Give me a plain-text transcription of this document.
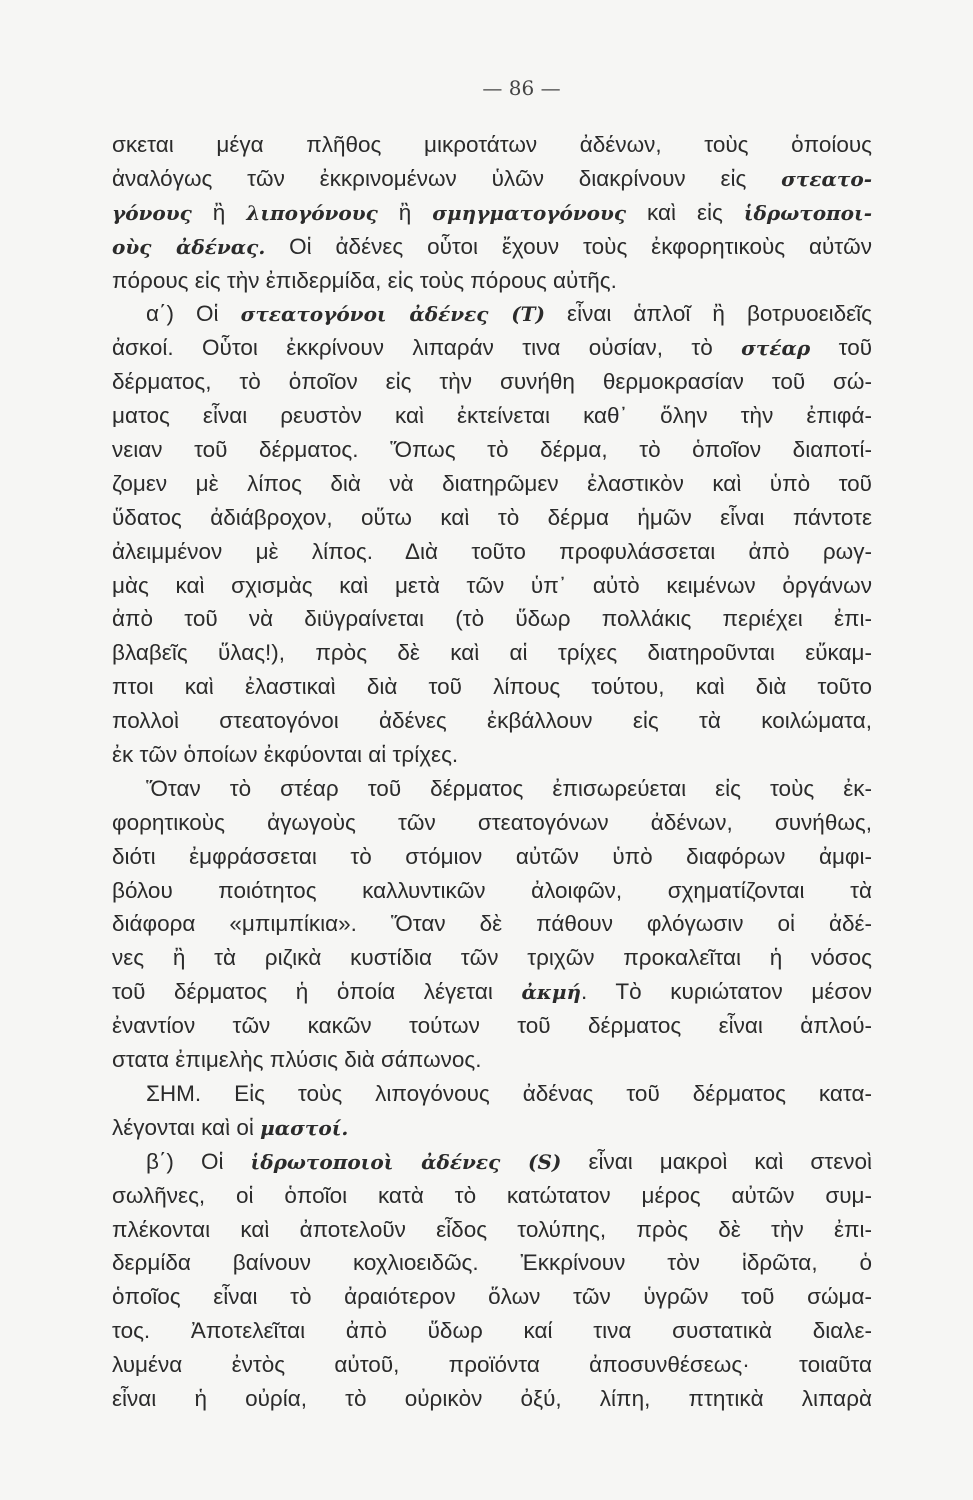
— 86 —
σκεται μέγα πλῆθος μικροτάτων ἀδένων, τοὺς ὁποίους
ἀναλόγως τῶν ἐκκρινομένων ὑλῶν διακρίνουν εἰς στεατο-
γόνους ἢ λιπογόνους ἢ σμηγματογόνους καὶ εἰς ἱδρωτοποι-
οὺς ἀδένας. Οἱ ἀδένες οὗτοι ἔχουν τοὺς ἐκφορητικοὺς αὐτῶν
πόρους εἰς τὴν ἐπιδερμίδα, εἰς τοὺς πόρους αὐτῆς.
α΄) Οἱ στεατογόνοι ἀδένες (Τ) εἶναι ἁπλοῖ ἢ βοτρυοειδεῖς
ἀσκοί. Οὗτοι ἐκκρίνουν λιπαράν τινα οὐσίαν, τὸ στέαρ τοῦ
δέρματος, τὸ ὁποῖον εἰς τὴν συνήθη θερμοκρασίαν τοῦ σώ-
ματος εἶναι ρευστὸν καὶ ἐκτείνεται καθ᾽ ὅλην τὴν ἐπιφά-
νειαν τοῦ δέρματος. Ὅπως τὸ δέρμα, τὸ ὁποῖον διαποτί-
ζομεν μὲ λίπος διὰ νὰ διατηρῶμεν ἐλαστικὸν καὶ ὑπὸ τοῦ
ὕδατος ἀδιάβροχον, οὕτω καὶ τὸ δέρμα ἡμῶν εἶναι πάντοτε
ἀλειμμένον μὲ λίπος. Διὰ τοῦτο προφυλάσσεται ἀπὸ ρωγ-
μὰς καὶ σχισμὰς καὶ μετὰ τῶν ὑπ᾽ αὐτὸ κειμένων ὀργάνων
ἀπὸ τοῦ νὰ διϋγραίνεται (τὸ ὕδωρ πολλάκις περιέχει ἐπι-
βλαβεῖς ὕλας!), πρὸς δὲ καὶ αἱ τρίχες διατηροῦνται εὔκαμ-
πτοι καὶ ἐλαστικαὶ διὰ τοῦ λίπους τούτου, καὶ διὰ τοῦτο
πολλοὶ στεατογόνοι ἀδένες ἐκβάλλουν εἰς τὰ κοιλώματα,
ἐκ τῶν ὁποίων ἐκφύονται αἱ τρίχες.
Ὅταν τὸ στέαρ τοῦ δέρματος ἐπισωρεύεται εἰς τοὺς ἐκ-
φορητικοὺς ἀγωγοὺς τῶν στεατογόνων ἀδένων, συνήθως,
διότι ἐμφράσσεται τὸ στόμιον αὐτῶν ὑπὸ διαφόρων ἀμφι-
βόλου ποιότητος καλλυντικῶν ἀλοιφῶν, σχηματίζονται τὰ
διάφορα «μπιμπίκια». Ὅταν δὲ πάθουν φλόγωσιν οἱ ἀδέ-
νες ἢ τὰ ριζικὰ κυστίδια τῶν τριχῶν προκαλεῖται ἡ νόσος
τοῦ δέρματος ἡ ὁποία λέγεται ἀκμή. Τὸ κυριώτατον μέσον
ἐναντίον τῶν κακῶν τούτων τοῦ δέρματος εἶναι ἁπλού-
στατα ἐπιμελὴς πλύσις διὰ σάπωνος.
ΣΗΜ. Εἰς τοὺς λιπογόνους ἀδένας τοῦ δέρματος κατα-
λέγονται καὶ οἱ μαστοί.
β΄) Οἱ ἱδρωτοποιοὶ ἀδένες (S) εἶναι μακροὶ καὶ στενοὶ
σωλῆνες, οἱ ὁποῖοι κατὰ τὸ κατώτατον μέρος αὐτῶν συμ-
πλέκονται καὶ ἀποτελοῦν εἶδος τολύπης, πρὸς δὲ τὴν ἐπι-
δερμίδα βαίνουν κοχλιοειδῶς. Ἐκκρίνουν τὸν ἱδρῶτα, ὁ
ὁποῖος εἶναι τὸ ἀραιότερον ὅλων τῶν ὑγρῶν τοῦ σώμα-
τος. Ἀποτελεῖται ἀπὸ ὕδωρ καί τινα συστατικὰ διαλε-
λυμένα ἐντὸς αὐτοῦ, προϊόντα ἀποσυνθέσεως· τοιαῦτα
εἶναι ἡ οὐρία, τὸ οὐρικὸν ὀξύ, λίπη, πτητικὰ λιπαρὰ
